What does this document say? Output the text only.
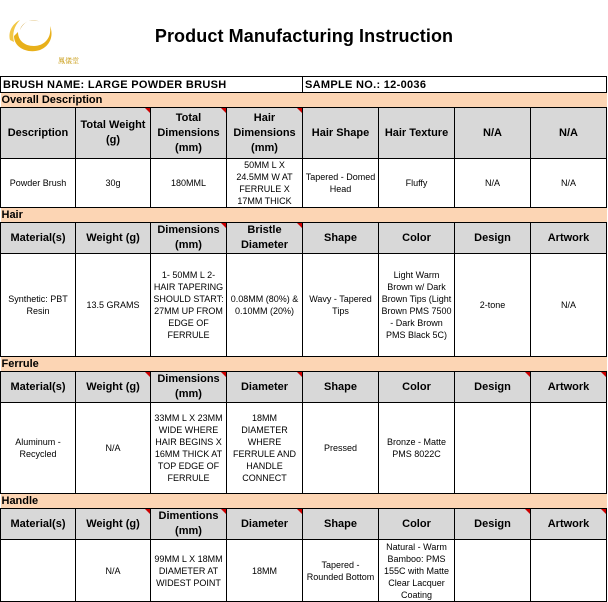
鳳儀堂
Product Manufacturing Instruction
BRUSH NAME: LARGE POWDER BRUSH				SAMPLE NO.: 12-0036			
Overall Description							
Description	Total Weight (g)	Total Dimensions (mm)	Hair Dimensions (mm)	Hair Shape	Hair Texture	N/A	N/A
Powder Brush	30g	180MML	50MM L X 24.5MM W AT FERRULE X 17MM THICK	Tapered - Domed Head	Fluffy	N/A	N/A
Hair							
Material(s)	Weight (g)	Dimensions (mm)	Bristle Diameter	Shape	Color	Design	Artwork
Synthetic: PBT Resin	13.5 GRAMS	1- 50MM L 2- HAIR TAPERING SHOULD START: 27MM UP FROM EDGE OF FERRULE	0.08MM (80%) & 0.10MM (20%)	Wavy - Tapered Tips	Light Warm Brown w/ Dark Brown Tips (Light Brown PMS 7500 - Dark Brown PMS Black 5C)	2-tone	N/A
Ferrule							
Material(s)	Weight (g)	Dimensions (mm)	Diameter	Shape	Color	Design	Artwork

Aluminum - Recycled	N/A	33MM L X 23MM WIDE WHERE HAIR BEGINS X 16MM THICK AT TOP EDGE OF FERRULE	18MM DIAMETER WHERE FERRULE AND HANDLE CONNECT	Pressed	Bronze - Matte PMS 8022C		
Handle							
Material(s)	Weight (g)	Dimentions (mm)	Diameter	Shape	Color	Design	Artwork

	N/A	99MM L X 18MM DIAMETER AT WIDEST POINT	18MM	Tapered - Rounded Bottom	Natural - Warm Bamboo: PMS 155C with Matte Clear Lacquer Coating		
